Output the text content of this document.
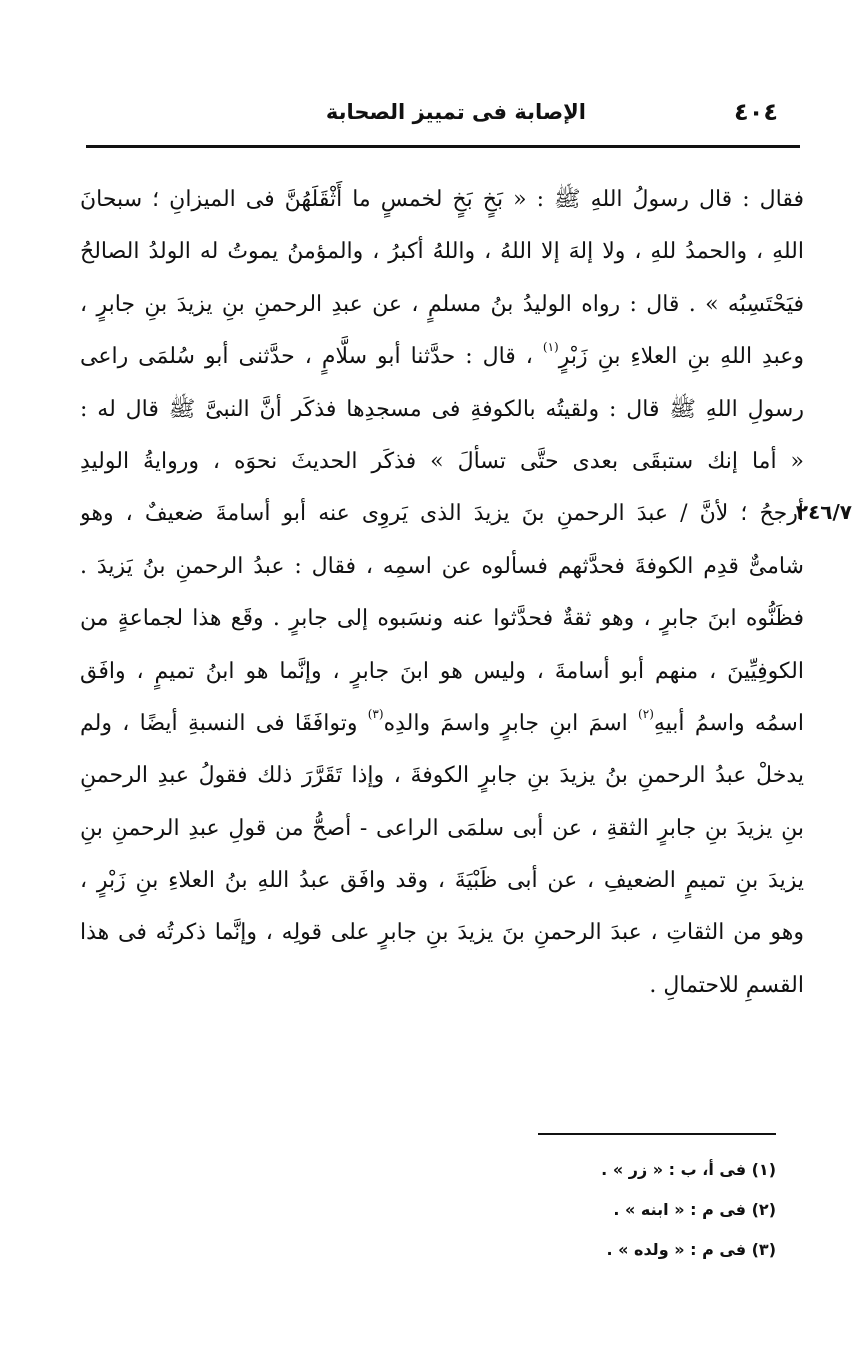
٤٠٤
الإصابة فى تمييز الصحابة
٢٤٦/٧
فقال : قال رسولُ اللهِ ﷺ : « بَخٍ بَخٍ لخمسٍ ما أَثْقَلَهُنَّ فى الميزانِ ؛ سبحانَ
اللهِ ، والحمدُ للهِ ، ولا إلهَ إلا اللهُ ، واللهُ أكبرُ ، والمؤمنُ يموتُ له الولدُ الصالحُ
فيَحْتَسِبُه » . قال : رواه الوليدُ بنُ مسلمٍ ، عن عبدِ الرحمنِ بنِ يزيدَ بنِ جابرٍ ،
وعبدِ اللهِ بنِ العلاءِ بنِ زَبْرٍ$^{(١)}$ ، قال : حدَّثنا أبو سلَّامٍ ، حدَّثنى أبو سُلمَى راعى
رسولِ اللهِ ﷺ قال : ولقيتُه بالكوفةِ فى مسجدِها فذكَر أنَّ النبىَّ ﷺ قال له :
« أما إنك ستبقَى بعدى حتَّى تسألَ » فذكَر الحديثَ نحوَه ، وروايةُ الوليدِ
أرجحُ ؛ لأنَّ / عبدَ الرحمنِ بنَ يزيدَ الذى يَروِى عنه أبو أسامةَ ضعيفٌ ، وهو
شامىٌّ قدِم الكوفةَ فحدَّثهم فسألوه عن اسمِه ، فقال : عبدُ الرحمنِ بنُ يَزيدَ .
فظَنُّوه ابنَ جابرٍ ، وهو ثقةٌ فحدَّثوا عنه ونسَبوه إلى جابرٍ . وقَع هذا لجماعةٍ من
الكوفِيِّينَ ، منهم أبو أسامةَ ، وليس هو ابنَ جابرٍ ، وإنَّما هو ابنُ تميمٍ ، وافَق
اسمُه واسمُ أبيهِ$^{(٢)}$ اسمَ ابنِ جابرٍ واسمَ والدِه$^{(٣)}$ وتوافَقَا فى النسبةِ أيضًا ، ولم
يدخلْ عبدُ الرحمنِ بنُ يزيدَ بنِ جابرٍ الكوفةَ ، وإذا تَقَرَّرَ ذلك فقولُ عبدِ الرحمنِ
بنِ يزيدَ بنِ جابرٍ الثقةِ ، عن أبى سلمَى الراعى - أصحُّ من قولِ عبدِ الرحمنِ بنِ
يزيدَ بنِ تميمٍ الضعيفِ ، عن أبى ظَبْيَةَ ، وقد وافَق عبدُ اللهِ بنُ العلاءِ بنِ زَبْرٍ ،
وهو من الثقاتِ ، عبدَ الرحمنِ بنَ يزيدَ بنِ جابرٍ على قولِه ، وإنَّما ذكرتُه فى هذا
القسمِ للاحتمالِ .
(١) فى أ، ب : « زر » .
(٢) فى م : « ابنه » .
(٣) فى م : « ولده » .
